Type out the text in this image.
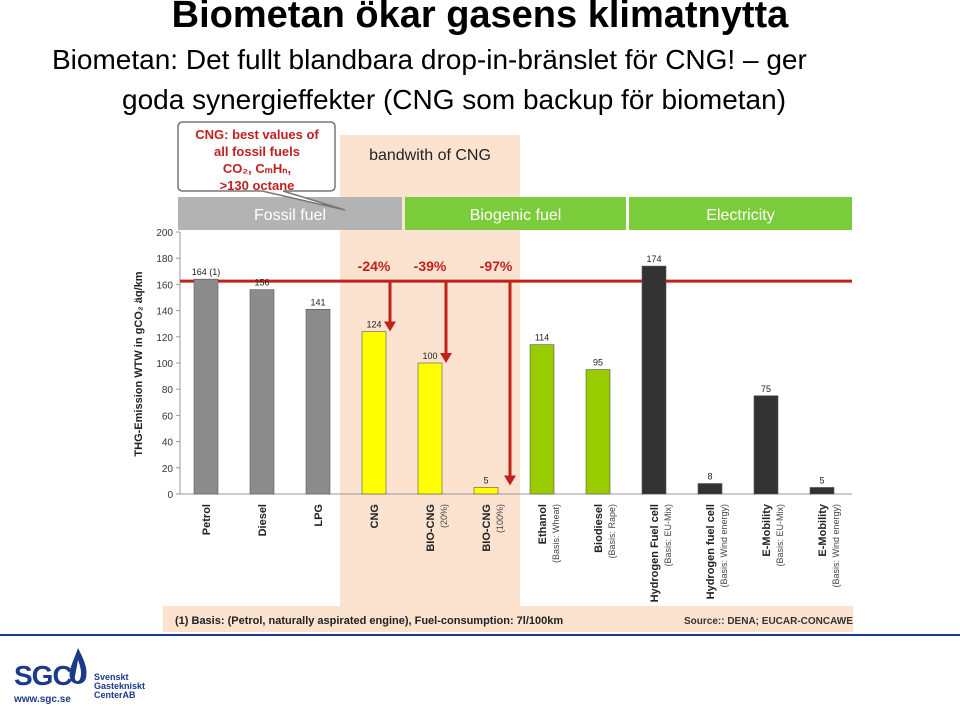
Biometan ökar gasens klimatnytta
Biometan: Det fullt blandbara drop-in-bränslet för CNG! – ger
goda synergieffekter (CNG som backup för biometan)
bandwith of CNG
Fossil fuel	Biogenic fuel	Electricity
0
20
40
60
80
100
120
140
160
180
200
THG-Emission WTW in gCO₂ äq/km	164 (1)
156
141
124
100
5
114
95
174
8
75
5
-24% -39% -97%
Petrol	Diesel	LPG	CNG	BIO-CNG (20%)	BIO-CNG (100%)	Ethanol (Basis: Wheat)	Biodiesel (Basis: Rape)	Hydrogen Fuel cell (Basis: EU-Mix)	Hydrogen fuel cell (Basis: Wind energy)	E-Mobility (Basis: EU-Mix)	E-Mobility (Basis: Wind energy)
CNG: best values of
all fossil fuels
CO₂, CₘHₙ,
>130 octane
(1) Basis: (Petrol, naturally aspirated engine), Fuel-consumption: 7l/100km	Source:: DENA; EUCAR-CONCAWE
SGC Svenskt
Gastekniskt
CenterAB
www.sgc.se
